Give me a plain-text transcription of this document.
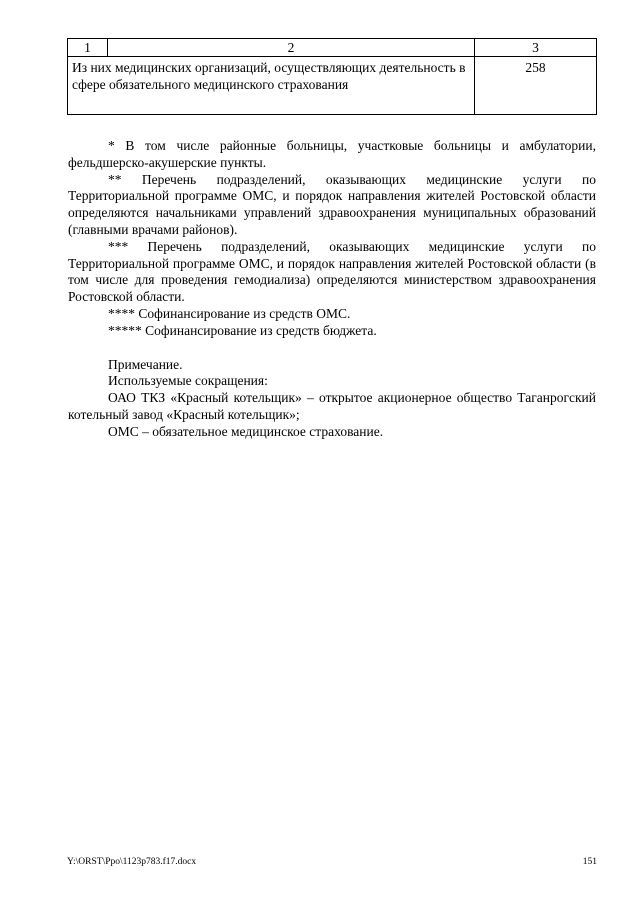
1	2	3
Из них медицинских организаций, осуществляющих деятельность в сфере обязательного медицинского страхования		258

* В том числе районные больницы, участковые больницы и амбулатории, фельдшерско-акушерские пункты.

** Перечень подразделений, оказывающих медицинские услуги по Территориальной программе ОМС, и порядок направления жителей Ростовской области определяются начальниками управлений здравоохранения муниципальных образований (главными врачами районов).

*** Перечень подразделений, оказывающих медицинские услуги по Территориальной программе ОМС, и порядок направления жителей Ростовской области (в том числе для проведения гемодиализа) определяются министерством здравоохранения Ростовской области.

**** Софинансирование из средств ОМС.

***** Софинансирование из средств бюджета.

Примечание.

Используемые сокращения:

ОАО ТКЗ «Красный котельщик» – открытое акционерное общество Таганрогский котельный завод «Красный котельщик»;

ОМС – обязательное медицинское страхование.

Y:\ORST\Ppo\1123p783.f17.docx	151
